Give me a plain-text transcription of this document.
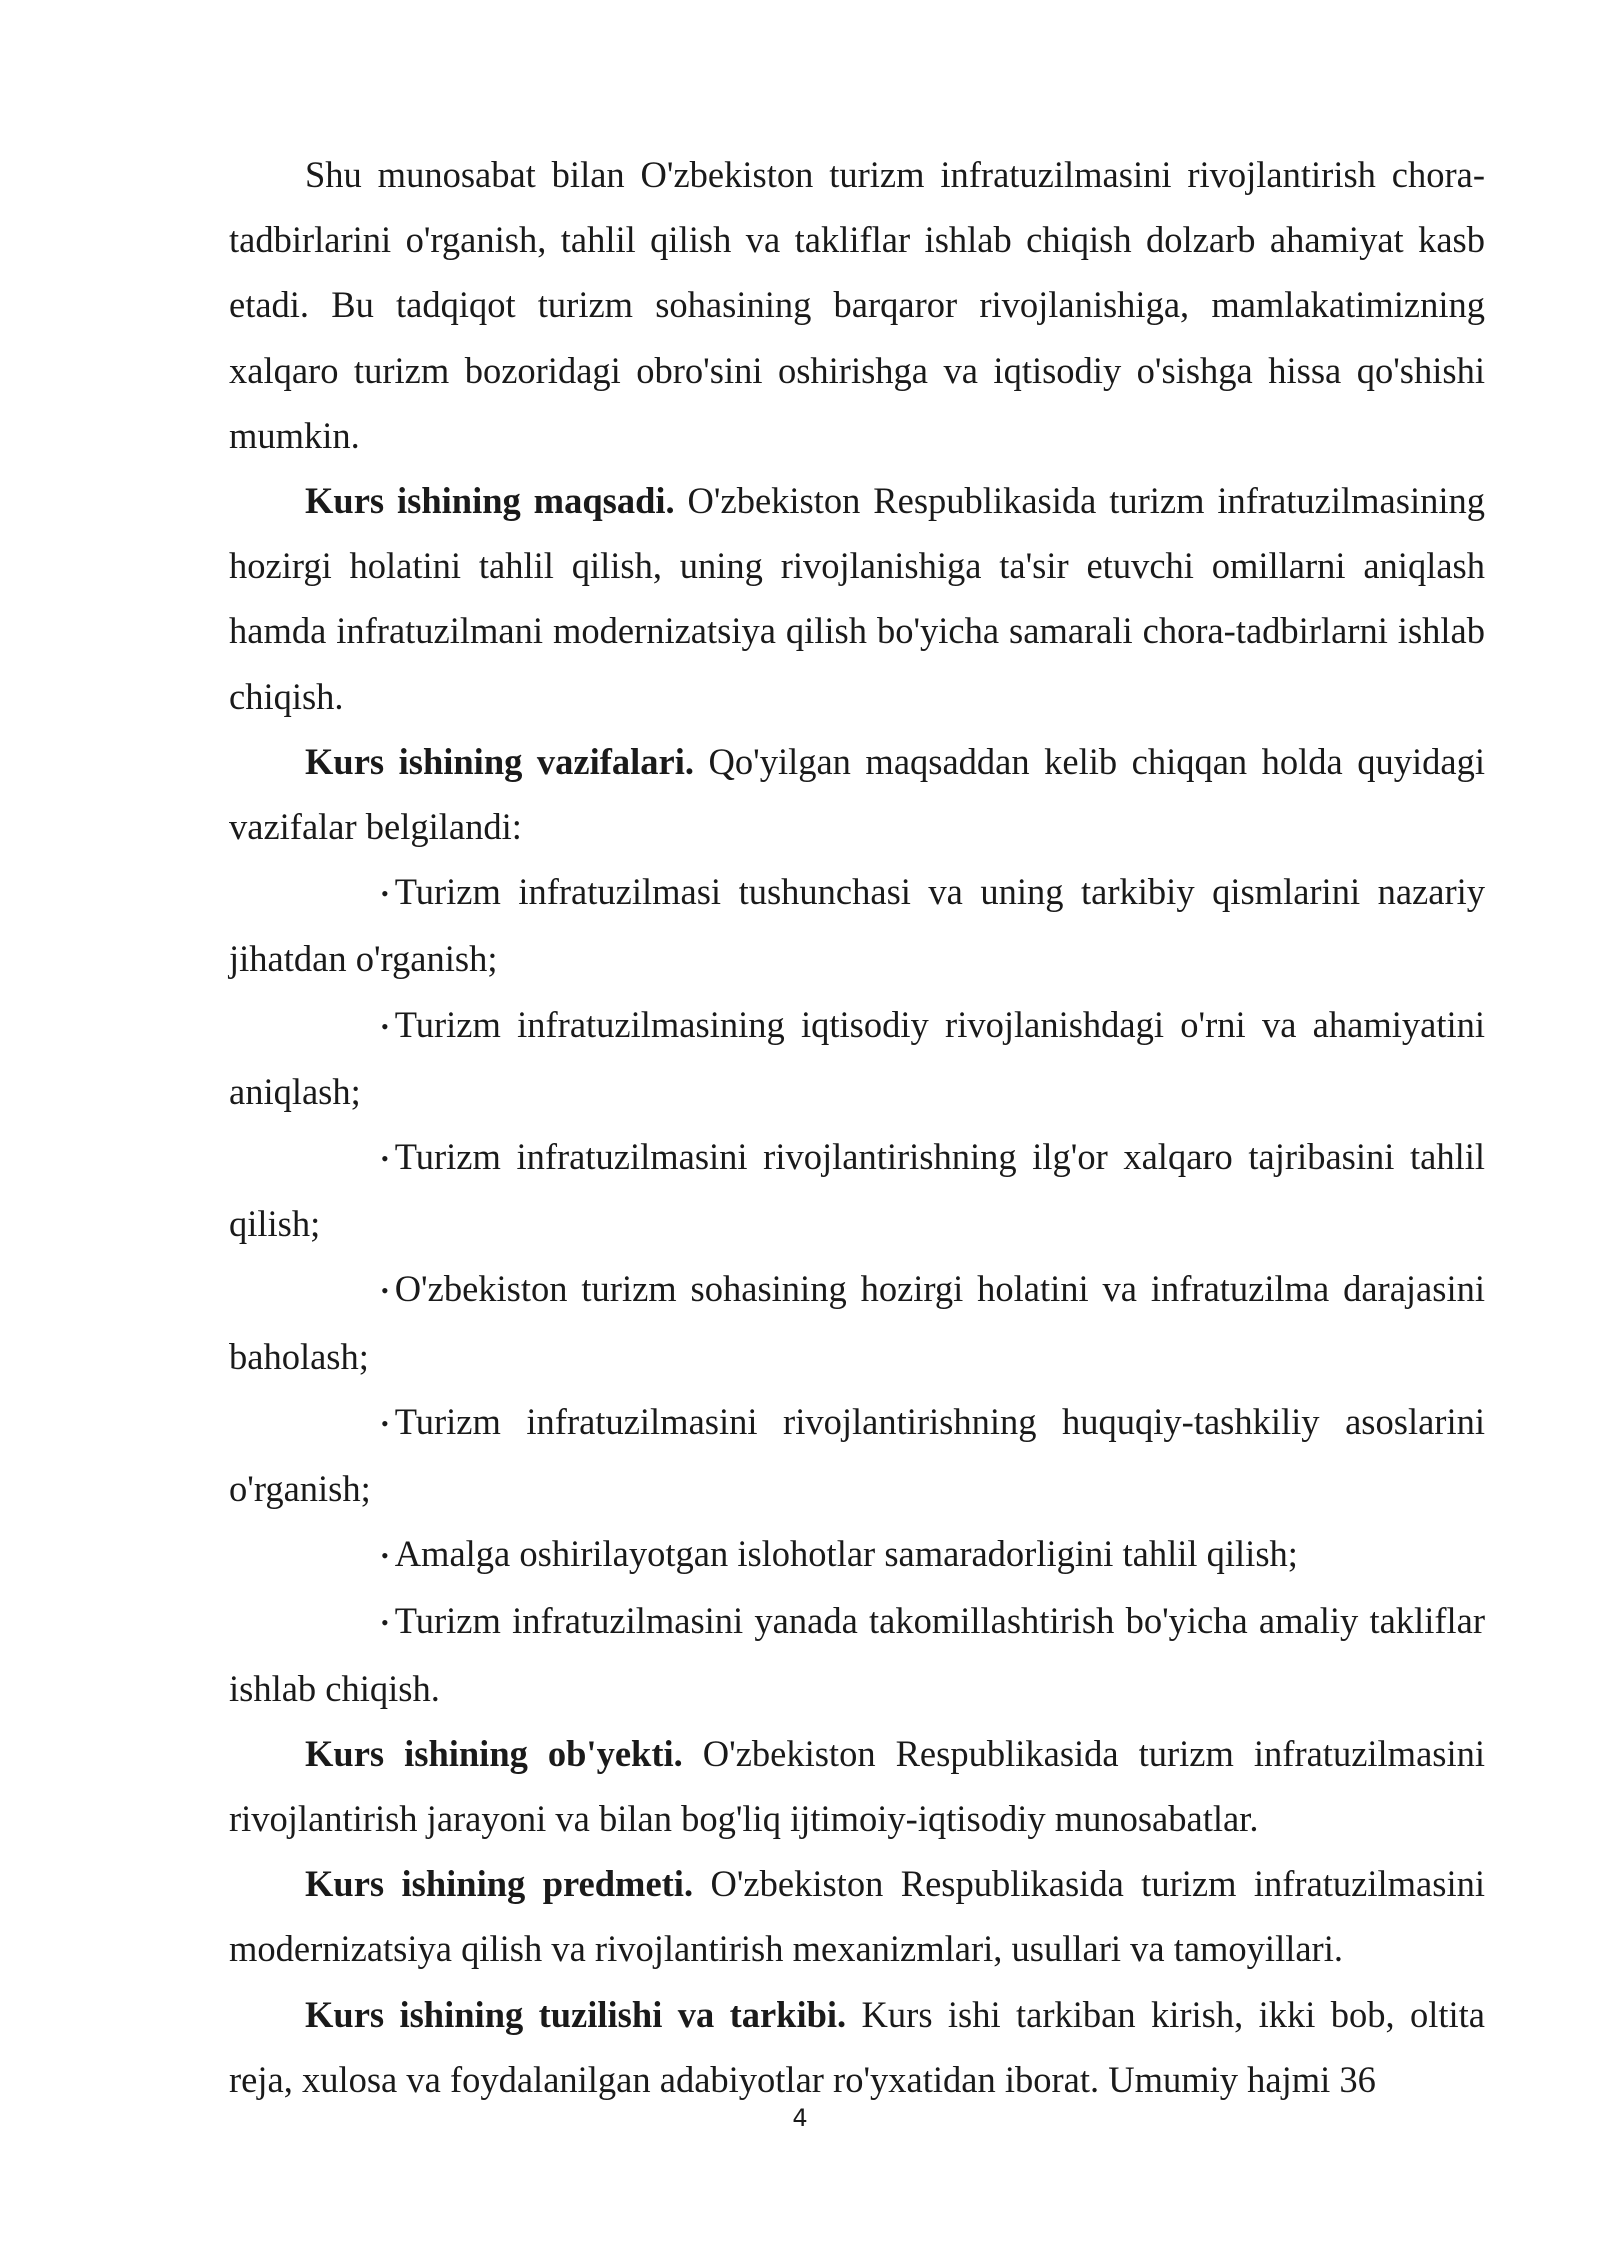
Shu munosabat bilan O'zbekiston turizm infratuzilmasini rivojlantirish chora-tadbirlarini o'rganish, tahlil qilish va takliflar ishlab chiqish dolzarb ahamiyat kasb etadi. Bu tadqiqot turizm sohasining barqaror rivojlanishiga, mamlakatimizning xalqaro turizm bozoridagi obro'sini oshirishga va iqtisodiy o'sishga hissa qo'shishi mumkin.

Kurs ishining maqsadi. O'zbekiston Respublikasida turizm infratuzilmasining hozirgi holatini tahlil qilish, uning rivojlanishiga ta'sir etuvchi omillarni aniqlash hamda infratuzilmani modernizatsiya qilish bo'yicha samarali chora-tadbirlarni ishlab chiqish.

Kurs ishining vazifalari. Qo'yilgan maqsaddan kelib chiqqan holda quyidagi vazifalar belgilandi:

• Turizm infratuzilmasi tushunchasi va uning tarkibiy qismlarini nazariy jihatdan o'rganish;

• Turizm infratuzilmasining iqtisodiy rivojlanishdagi o'rni va ahamiyatini aniqlash;

• Turizm infratuzilmasini rivojlantirishning ilg'or xalqaro tajribasini tahlil qilish;

• O'zbekiston turizm sohasining hozirgi holatini va infratuzilma darajasini baholash;

• Turizm infratuzilmasini rivojlantirishning huquqiy-tashkiliy asoslarini o'rganish;

• Amalga oshirilayotgan islohotlar samaradorligini tahlil qilish;

• Turizm infratuzilmasini yanada takomillashtirish bo'yicha amaliy takliflar ishlab chiqish.

Kurs ishining ob'yekti. O'zbekiston Respublikasida turizm infratuzilmasini rivojlantirish jarayoni va bilan bog'liq ijtimoiy-iqtisodiy munosabatlar.

Kurs ishining predmeti. O'zbekiston Respublikasida turizm infratuzilmasini modernizatsiya qilish va rivojlantirish mexanizmlari, usullari va tamoyillari.

Kurs ishining tuzilishi va tarkibi. Kurs ishi tarkiban kirish, ikki bob, oltita reja, xulosa va foydalanilgan adabiyotlar ro'yxatidan iborat. Umumiy hajmi 36

4
